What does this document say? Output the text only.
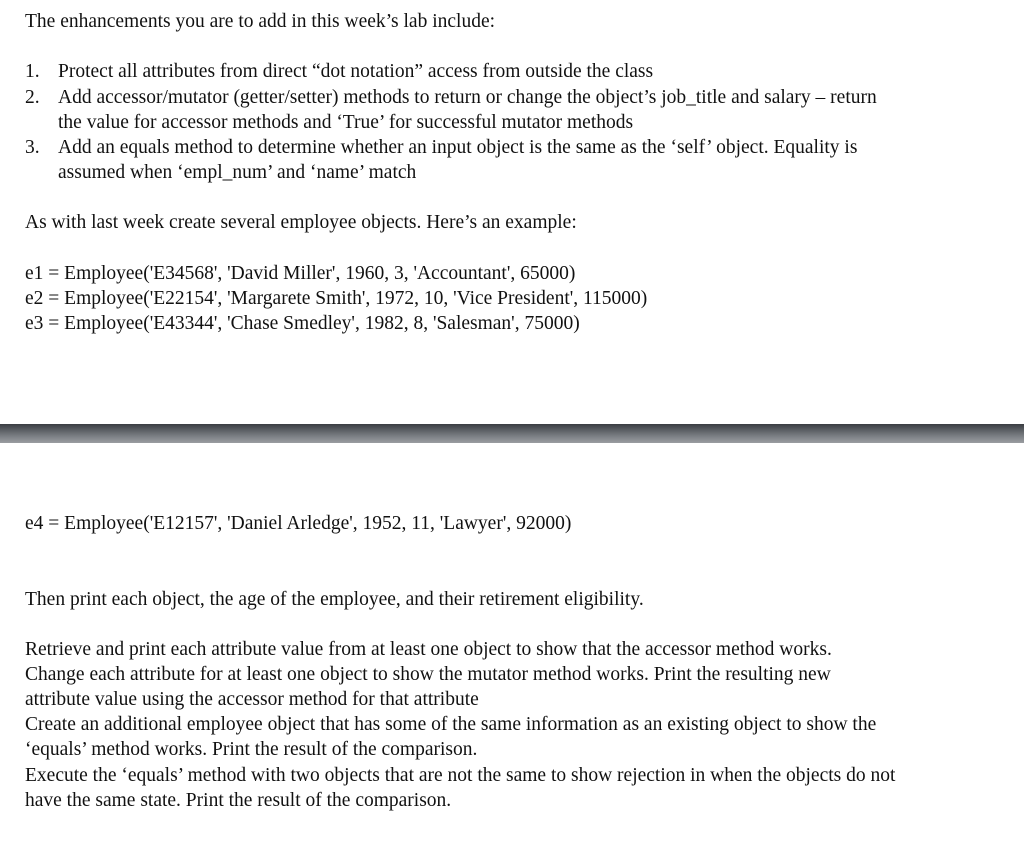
The enhancements you are to add in this week’s lab include:
1. Protect all attributes from direct “dot notation” access from outside the class
2. Add accessor/mutator (getter/setter) methods to return or change the object’s job_title and salary – return
the value for accessor methods and ‘True’ for successful mutator methods
3. Add an equals method to determine whether an input object is the same as the ‘self’ object. Equality is
assumed when ‘empl_num’ and ‘name’ match
As with last week create several employee objects. Here’s an example:
e1 = Employee('E34568', 'David Miller', 1960, 3, 'Accountant', 65000)
e2 = Employee('E22154', 'Margarete Smith', 1972, 10, 'Vice President', 115000)
e3 = Employee('E43344', 'Chase Smedley', 1982, 8, 'Salesman', 75000)
e4 = Employee('E12157', 'Daniel Arledge', 1952, 11, 'Lawyer', 92000)
Then print each object, the age of the employee, and their retirement eligibility.
Retrieve and print each attribute value from at least one object to show that the accessor method works.
Change each attribute for at least one object to show the mutator method works. Print the resulting new
attribute value using the accessor method for that attribute
Create an additional employee object that has some of the same information as an existing object to show the
‘equals’ method works. Print the result of the comparison.
Execute the ‘equals’ method with two objects that are not the same to show rejection in when the objects do not
have the same state. Print the result of the comparison.
